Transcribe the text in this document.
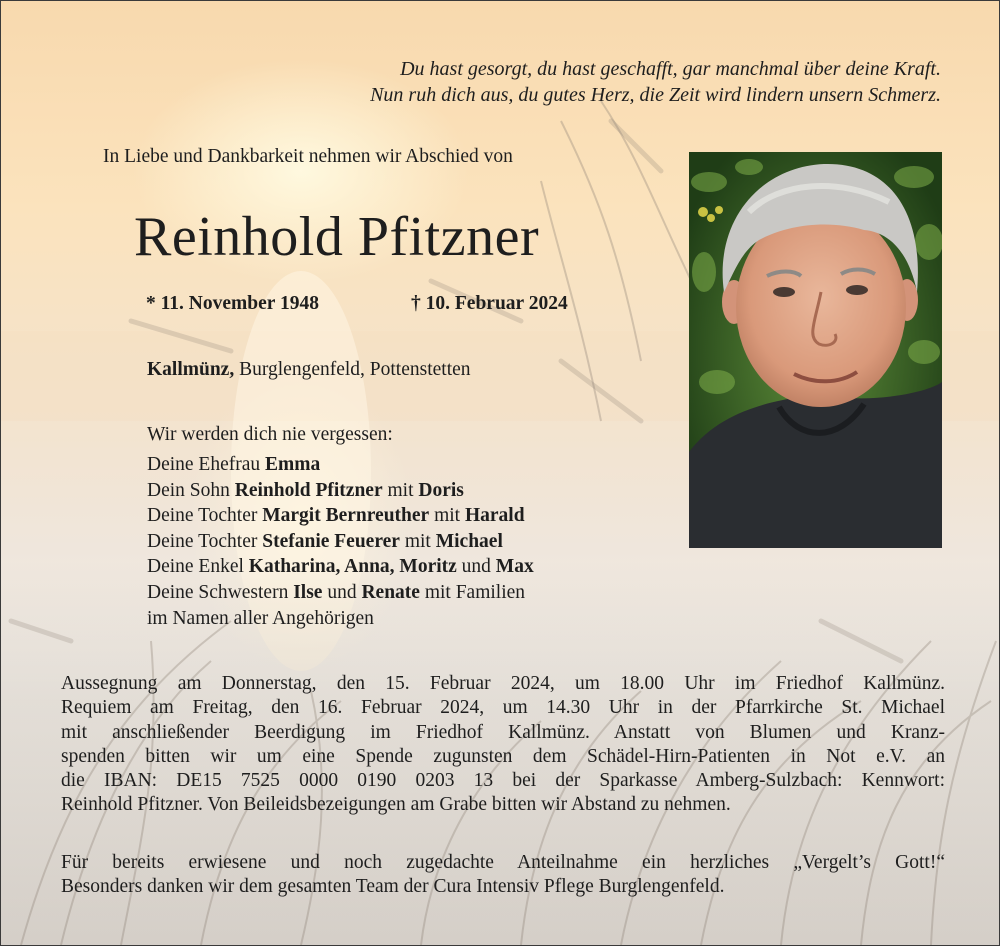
Du hast gesorgt, du hast geschafft, gar manchmal über deine Kraft.
Nun ruh dich aus, du gutes Herz, die Zeit wird lindern unsern Schmerz.
In Liebe und Dankbarkeit nehmen wir Abschied von
Reinhold Pfitzner
* 11. November 1948	† 10. Februar 2024
Kallmünz, Burglengenfeld, Pottenstetten
Wir werden dich nie vergessen:
Deine Ehefrau Emma
Dein Sohn Reinhold Pfitzner mit Doris
Deine Tochter Margit Bernreuther mit Harald
Deine Tochter Stefanie Feuerer mit Michael
Deine Enkel Katharina, Anna, Moritz und Max
Deine Schwestern Ilse und Renate mit Familien
im Namen aller Angehörigen
Aussegnung am Donnerstag, den 15. Februar 2024, um 18.00 Uhr im Friedhof Kallmünz.
Requiem am Freitag, den 16. Februar 2024, um 14.30 Uhr in der Pfarrkirche St. Michael
mit anschließender Beerdigung im Friedhof Kallmünz. Anstatt von Blumen und Kranz-
spenden bitten wir um eine Spende zugunsten dem Schädel-Hirn-Patienten in Not e.V. an
die IBAN: DE15 7525 0000 0190 0203 13 bei der Sparkasse Amberg-Sulzbach: Kennwort:
Reinhold Pfitzner. Von Beileidsbezeigungen am Grabe bitten wir Abstand zu nehmen.
Für bereits erwiesene und noch zugedachte Anteilnahme ein herzliches „Vergelt’s Gott!“
Besonders danken wir dem gesamten Team der Cura Intensiv Pflege Burglengenfeld.
